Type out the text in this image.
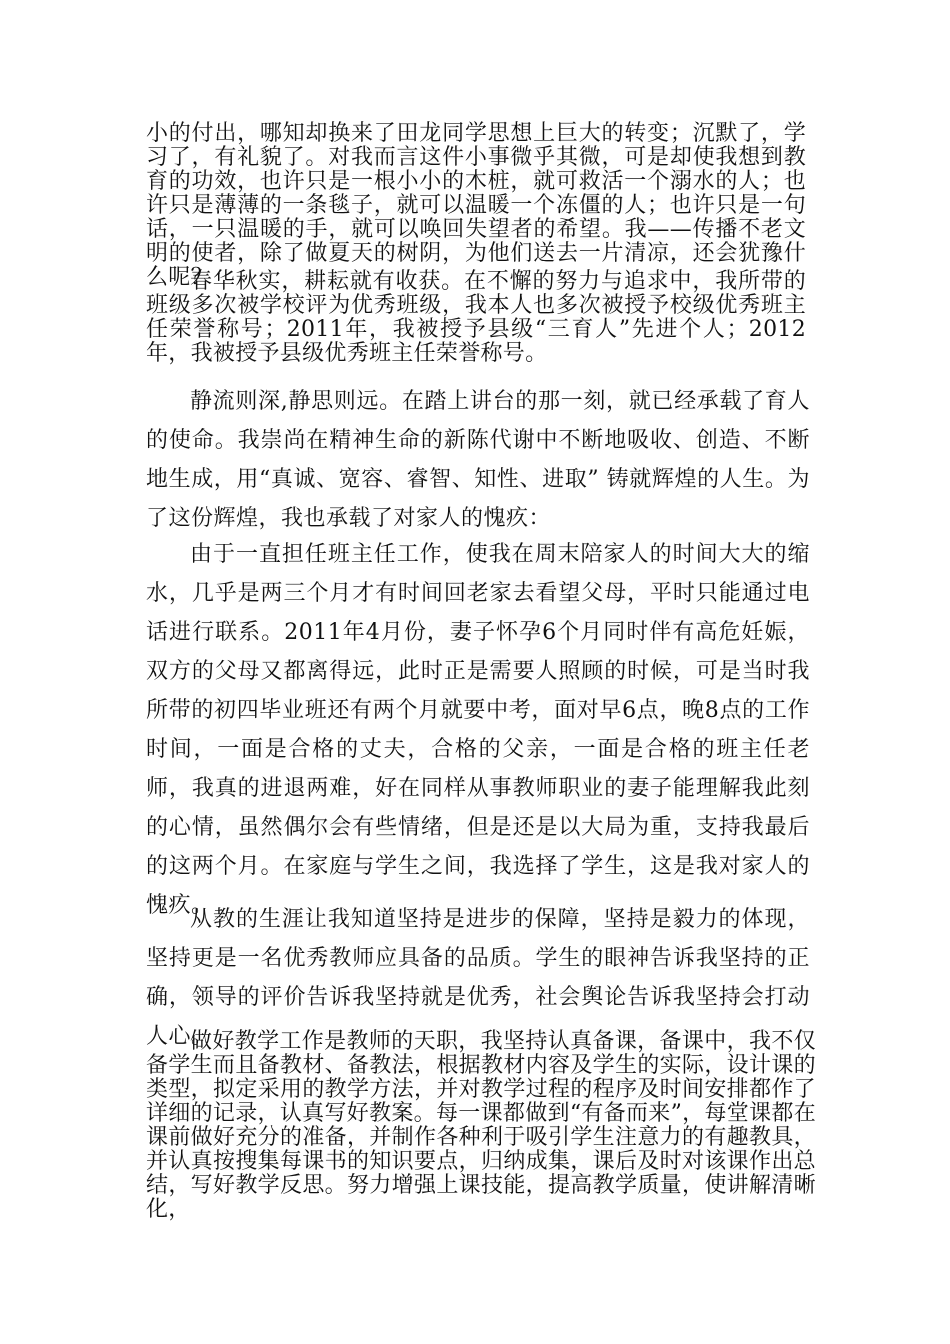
小的付出，哪知却换来了田龙同学思想上巨大的转变；沉默了，学习了，有礼貌了。对我而言这件小事微乎其微，可是却使我想到教育的功效，也许只是一根小小的木桩，就可救活一个溺水的人；也许只是薄薄的一条毯子，就可以温暖一个冻僵的人；也许只是一句话，一只温暖的手，就可以唤回失望者的希望。我——传播不老文明的使者，除了做夏天的树阴，为他们送去一片清凉，还会犹豫什么呢？

春华秋实，耕耘就有收获。在不懈的努力与追求中，我所带的班级多次被学校评为优秀班级，我本人也多次被授予校级优秀班主任荣誉称号；2011年，我被授予县级“三育人”先进个人；2012年，我被授予县级优秀班主任荣誉称号。

静流则深,静思则远。在踏上讲台的那一刻，就已经承载了育人的使命。我崇尚在精神生命的新陈代谢中不断地吸收、创造、不断地生成，用“真诚、宽容、睿智、知性、进取” 铸就辉煌的人生。为了这份辉煌，我也承载了对家人的愧疚：

由于一直担任班主任工作，使我在周末陪家人的时间大大的缩水，几乎是两三个月才有时间回老家去看望父母，平时只能通过电话进行联系。2011年4月份，妻子怀孕6个月同时伴有高危妊娠，双方的父母又都离得远，此时正是需要人照顾的时候，可是当时我所带的初四毕业班还有两个月就要中考，面对早6点，晚8点的工作时间，一面是合格的丈夫，合格的父亲，一面是合格的班主任老师，我真的进退两难，好在同样从事教师职业的妻子能理解我此刻的心情，虽然偶尔会有些情绪，但是还是以大局为重，支持我最后的这两个月。在家庭与学生之间，我选择了学生，这是我对家人的愧疚。

从教的生涯让我知道坚持是进步的保障，坚持是毅力的体现，坚持更是一名优秀教师应具备的品质。学生的眼神告诉我坚持的正确，领导的评价告诉我坚持就是优秀，社会舆论告诉我坚持会打动人心。

做好教学工作是教师的天职，我坚持认真备课，备课中，我不仅备学生而且备教材、备教法，根据教材内容及学生的实际，设计课的类型，拟定采用的教学方法，并对教学过程的程序及时间安排都作了详细的记录，认真写好教案。每一课都做到“有备而来”，每堂课都在课前做好充分的准备，并制作各种利于吸引学生注意力的有趣教具，并认真按搜集每课书的知识要点，归纳成集，课后及时对该课作出总结，写好教学反思。努力增强上课技能，提高教学质量，使讲解清晰化，
